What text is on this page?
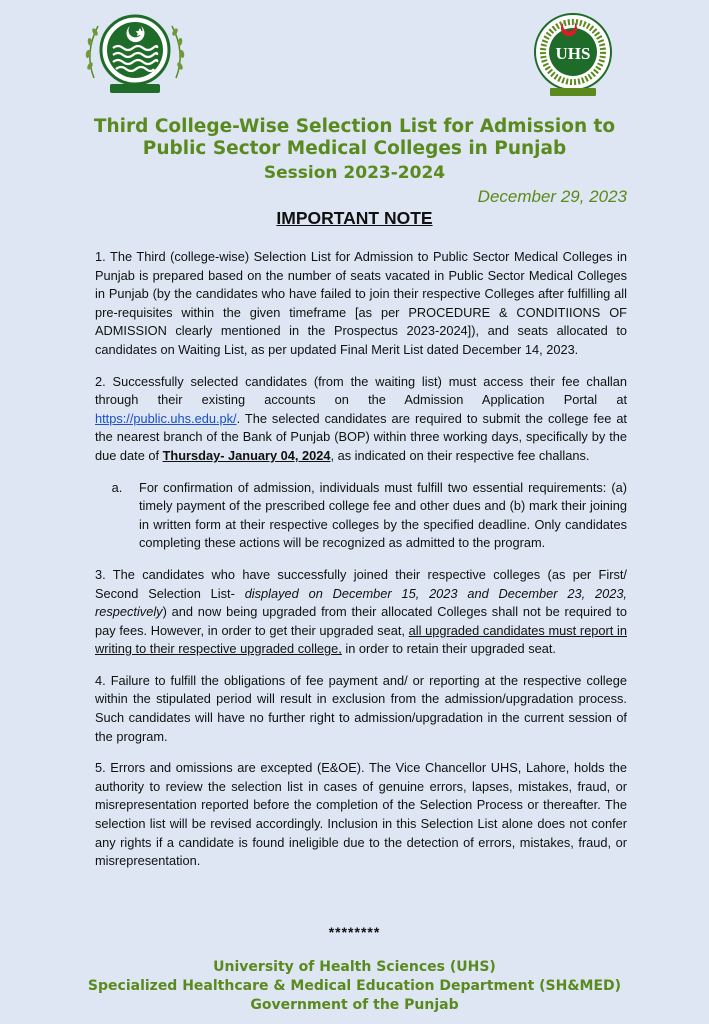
UHS
Third College-Wise Selection List for Admission to
Public Sector Medical Colleges in Punjab
Session 2023-2024
December 29, 2023
IMPORTANT NOTE

1. The Third (college-wise) Selection List for Admission to Public Sector Medical Colleges in Punjab is prepared based on the number of seats vacated in Public Sector Medical Colleges in Punjab (by the candidates who have failed to join their respective Colleges after fulfilling all pre-requisites within the given timeframe [as per PROCEDURE & CONDITIIONS OF ADMISSION clearly mentioned in the Prospectus 2023-2024]), and seats allocated to candidates on Waiting List, as per updated Final Merit List dated December 14, 2023.

2. Successfully selected candidates (from the waiting list) must access their fee challan through their existing accounts on the Admission Application Portal at https://public.uhs.edu.pk/. The selected candidates are required to submit the college fee at the nearest branch of the Bank of Punjab (BOP) within three working days, specifically by the due date of Thursday- January 04, 2024, as indicated on their respective fee challans.

a.	For confirmation of admission, individuals must fulfill two essential requirements: (a) timely payment of the prescribed college fee and other dues and (b) mark their joining in written form at their respective colleges by the specified deadline. Only candidates completing these actions will be recognized as admitted to the program.

3. The candidates who have successfully joined their respective colleges (as per First/ Second Selection List- displayed on December 15, 2023 and December 23, 2023, respectively) and now being upgraded from their allocated Colleges shall not be required to pay fees. However, in order to get their upgraded seat, all upgraded candidates must report in writing to their respective upgraded college, in order to retain their upgraded seat.

4. Failure to fulfill the obligations of fee payment and/ or reporting at the respective college within the stipulated period will result in exclusion from the admission/upgradation process. Such candidates will have no further right to admission/upgradation in the current session of the program.

5. Errors and omissions are excepted (E&OE). The Vice Chancellor UHS, Lahore, holds the authority to review the selection list in cases of genuine errors, lapses, mistakes, fraud, or misrepresentation reported before the completion of the Selection Process or thereafter. The selection list will be revised accordingly. Inclusion in this Selection List alone does not confer any rights if a candidate is found ineligible due to the detection of errors, mistakes, fraud, or misrepresentation.

********
University of Health Sciences (UHS)
Specialized Healthcare & Medical Education Department (SH&MED)
Government of the Punjab
